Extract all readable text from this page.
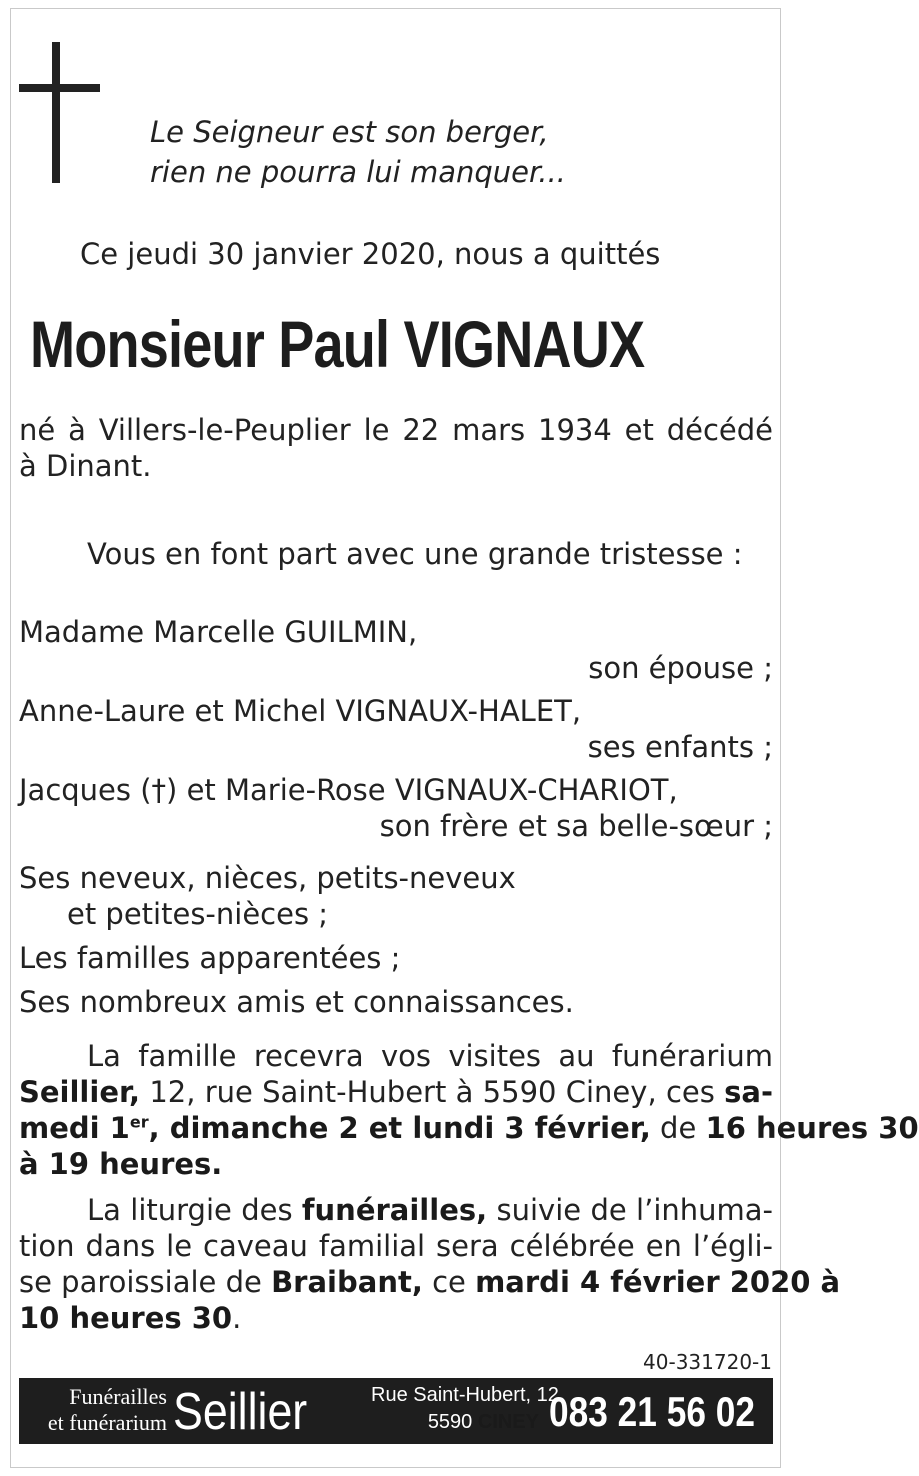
Le Seigneur est son berger,
rien ne pourra lui manquer...
Ce jeudi 30 janvier 2020, nous a quittés
Monsieur Paul VIGNAUX
né à Villers-le-Peuplier le 22 mars 1934 et décédé
à Dinant.
Vous en font part avec une grande tristesse :
Madame Marcelle GUILMIN,
son épouse ;
Anne-Laure et Michel VIGNAUX-HALET,
ses enfants ;
Jacques (†) et Marie-Rose VIGNAUX-CHARIOT,
son frère et sa belle-sœur ;
Ses neveux, nièces, petits-neveux
et petites-nièces ;
Les familles apparentées ;
Ses nombreux amis et connaissances.
La famille recevra vos visites au funérarium
Seillier, 12, rue Saint-Hubert à 5590 Ciney, ces sa-
medi 1er, dimanche 2 et lundi 3 février, de 16 heures 30
à 19 heures.
La liturgie des funérailles, suivie de l’inhuma-
tion dans le caveau familial sera célébrée en l’égli-
se paroissiale de Braibant, ce mardi 4 février 2020 à
10 heures 30.
40-331720-1
Funérailles
et funérarium Seillier	Rue Saint-Hubert, 12
5590 CINEY 083 21 56 02
